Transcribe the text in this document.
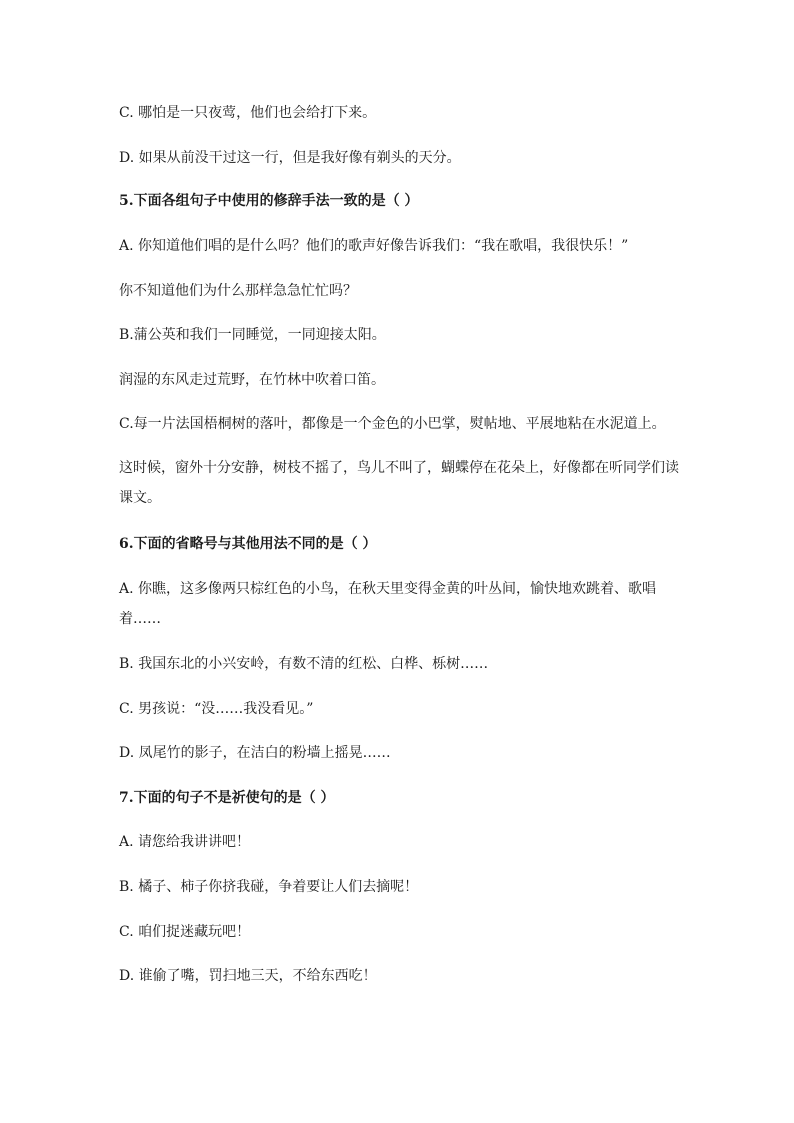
C. 哪怕是一只夜莺，他们也会给打下来。
D. 如果从前没干过这一行，但是我好像有剃头的天分。
5.下面各组句子中使用的修辞手法一致的是（ ）
A. 你知道他们唱的是什么吗？他们的歌声好像告诉我们：“我在歌唱，我很快乐！”
你不知道他们为什么那样急急忙忙吗？
B.蒲公英和我们一同睡觉，一同迎接太阳。
润湿的东风走过荒野，在竹林中吹着口笛。
C.每一片法国梧桐树的落叶，都像是一个金色的小巴掌，熨帖地、平展地粘在水泥道上。
这时候，窗外十分安静，树枝不摇了，鸟儿不叫了，蝴蝶停在花朵上，好像都在听同学们读
课文。
6.下面的省略号与其他用法不同的是（ ）
A. 你瞧，这多像两只棕红色的小鸟，在秋天里变得金黄的叶丛间，愉快地欢跳着、歌唱
着……
B. 我国东北的小兴安岭，有数不清的红松、白桦、栎树……
C. 男孩说：“没……我没看见。”
D. 凤尾竹的影子，在洁白的粉墙上摇晃……
7.下面的句子不是祈使句的是（ ）
A. 请您给我讲讲吧！
B. 橘子、柿子你挤我碰，争着要让人们去摘呢！
C. 咱们捉迷藏玩吧！
D. 谁偷了嘴，罚扫地三天，不给东西吃！
